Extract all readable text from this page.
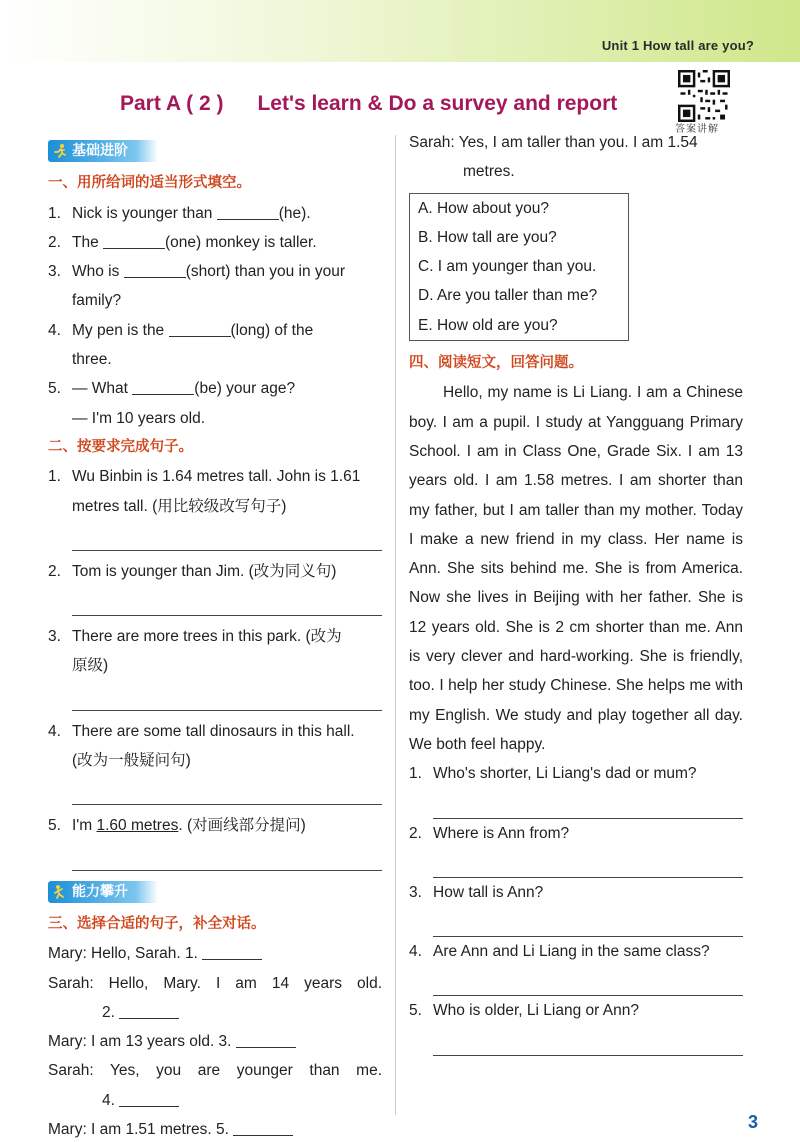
Unit 1 How tall are you?
Part A ( 2 ) Let's learn & Do a survey and report
答案讲解
基础进阶
一、用所给词的适当形式填空。
1. Nick is younger than	(he).
2. The	(one) monkey is taller.
3. Who is	(short) than you in your
family?
4. My pen is the	(long) of the
three.
5. — What	(be) your age?
— I'm 10 years old.
二、按要求完成句子。
1. Wu Binbin is 1.64 metres tall. John is 1.61
metres tall. (用比较级改写句子)
2. Tom is younger than Jim. (改为同义句)
3. There are more trees in this park. (改为
原级)
4. There are some tall dinosaurs in this hall.
(改为一般疑问句)
5. I'm 1.60 metres. (对画线部分提问)
能力攀升
三、选择合适的句子，补全对话。
Mary: Hello, Sarah. 1.
Sarah: Hello, Mary. I am 14 years old.
2.
Mary: I am 13 years old. 3.
Sarah: Yes, you are younger than me.
4.
Mary: I am 1.51 metres. 5.
Sarah: Yes, I am taller than you. I am 1.54
metres.
A. How about you?
B. How tall are you?
C. I am younger than you.
D. Are you taller than me?
E. How old are you?
四、阅读短文，回答问题。
Hello, my name is Li Liang. I am a Chinese boy. I am a pupil. I study at Yangguang Primary School. I am in Class One, Grade Six. I am 13 years old. I am 1.58 metres. I am shorter than my father, but I am taller than my mother. Today I make a new friend in my class. Her name is Ann. She sits behind me. She is from America. Now she lives in Beijing with her father. She is 12 years old. She is 2 cm shorter than me. Ann is very clever and hard-working. She is friendly, too. I help her study Chinese. She helps me with my English. We study and play together all day. We both feel happy.
1. Who's shorter, Li Liang's dad or mum?
2. Where is Ann from?
3. How tall is Ann?
4. Are Ann and Li Liang in the same class?
5. Who is older, Li Liang or Ann?
3
